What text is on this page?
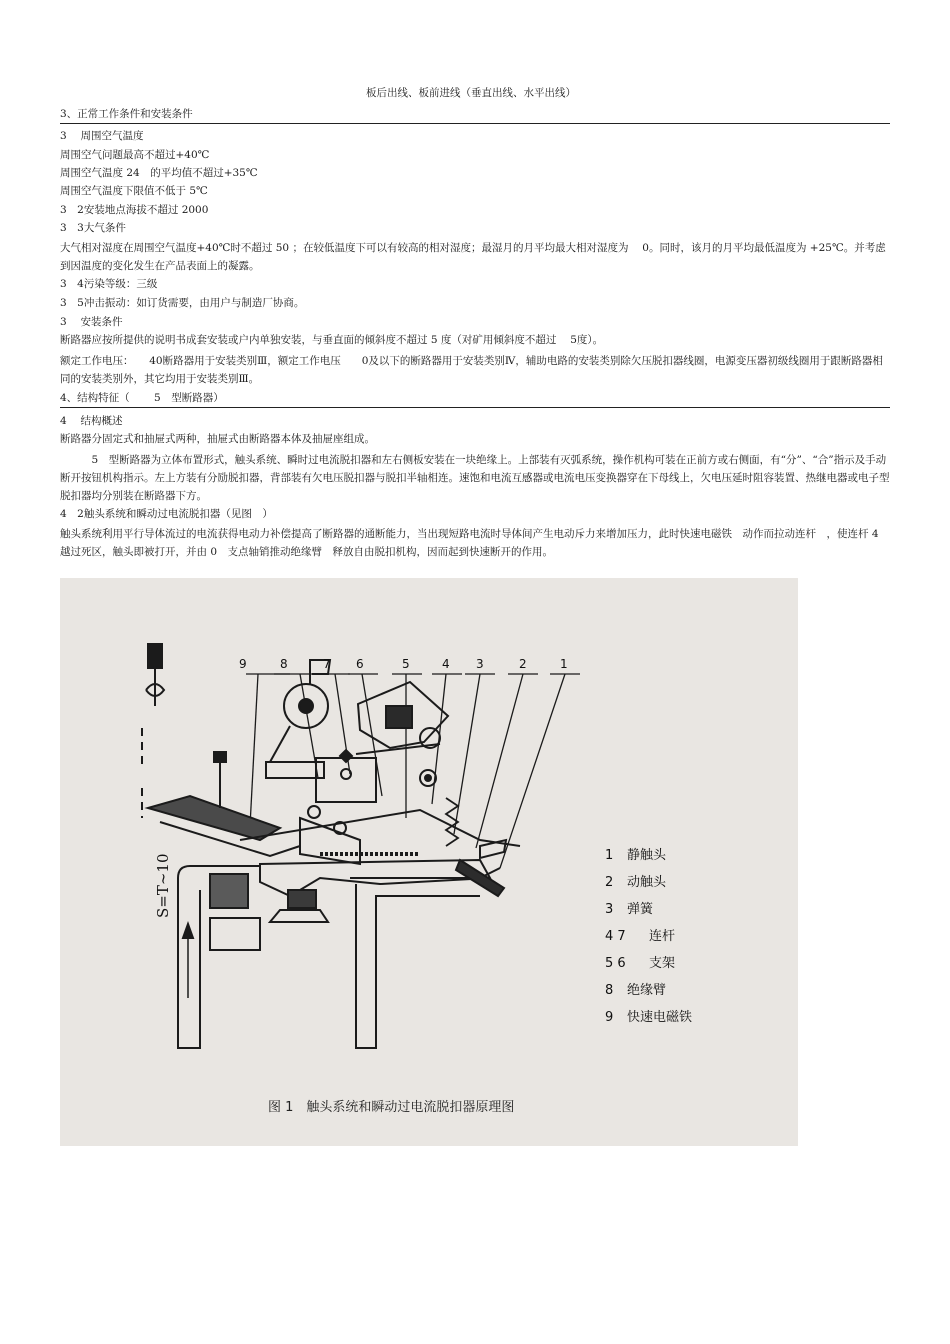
板后出线、板前进线（垂直出线、水平出线）
3、正常工作条件和安装条件
3　 周围空气温度
周围空气问题最高不超过+40℃
周围空气温度 24　的平均值不超过+35℃
周围空气温度下限值不低于 5℃
3　2安装地点海拔不超过 2000
3　3大气条件
大气相对湿度在周围空气温度+40℃时不超过 50 ；在较低温度下可以有较高的相对湿度；最湿月的月平均最大相对湿度为　 0。同时，该月的月平均最低温度为 +25℃。并考虑到因温度的变化发生在产品表面上的凝露。
3　4污染等级：三级
3　5冲击振动：如订货需要，由用户与制造厂协商。
3　 安装条件
断路器应按所提供的说明书成套安装或户内单独安装，与垂直面的倾斜度不超过 5 度（对矿用倾斜度不超过　 5度）。
额定工作电压：　　40断路器用于安装类别Ⅲ，额定工作电压　　0及以下的断路器用于安装类别Ⅳ，辅助电路的安装类别除欠压脱扣器线圈，电源变压器初级线圈用于跟断路器相同的安装类别外，其它均用于安装类别Ⅲ。
4、结构特征（　　 5　型断路器）
4　 结构概述
断路器分固定式和抽屉式两种，抽屉式由断路器本体及抽屉座组成。
　　　5　型断路器为立体布置形式，触头系统、瞬时过电流脱扣器和左右侧板安装在一块绝缘上。上部装有灭弧系统，操作机构可装在正前方或右侧面，有“分”、“合”指示及手动断开按钮机构指示。左上方装有分励脱扣器，背部装有欠电压脱扣器与脱扣半轴相连。速饱和电流互感器或电流电压变换器穿在下母线上，欠电压延时阻容装置、热继电器或电子型脱扣器均分别装在断路器下方。
4　2触头系统和瞬动过电流脱扣器（见图　）
触头系统利用平行导体流过的电流获得电动力补偿提高了断路器的通断能力，当出现短路电流时导体间产生电动斥力来增加压力，此时快速电磁铁　动作而拉动连杆　，使连杆 4 越过死区，触头即被打开，并由 0　支点轴销推动绝缘臂　释放自由脱扣机构，因而起到快速断开的作用。
9	8	7 6	5	4 3	2	1
S=T~10	1 静触头
2 动触头
3 弹簧
4 7 连杆
5 6 支架
8 绝缘臂
9 快速电磁铁
图 1　触头系统和瞬动过电流脱扣器原理图
